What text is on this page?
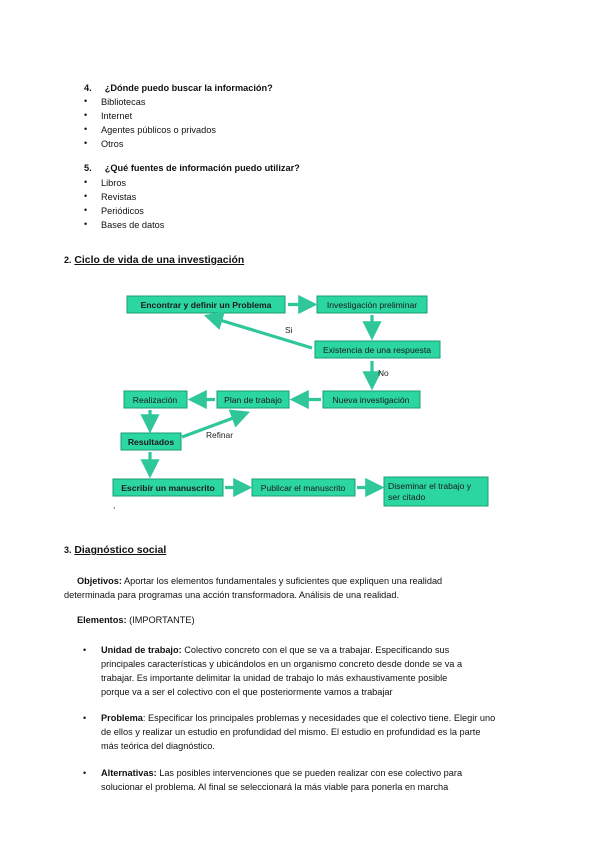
4. ¿Dónde puedo buscar la información?
• Bibliotecas
• Internet
• Agentes públicos o privados
• Otros
5. ¿Qué fuentes de información puedo utilizar?
• Libros
• Revistas
• Periódicos
• Bases de datos
2. Ciclo de vida de una investigación
Encontrar y definir un Problema	Investigación preliminar
Existencia de una respuesta
Nueva investigación
Plan de trabajo
Realización
Resultados
Escribir un manuscrito	Publicar el manuscrito	Diseminar el trabajo y
ser citado
Si
No
Refinar
,
3. Diagnóstico social
Objetivos: Aportar los elementos fundamentales y suficientes que expliquen una realidad
determinada para programas una acción transformadora. Análisis de una realidad.
Elementos: (IMPORTANTE)
• Unidad de trabajo: Colectivo concreto con el que se va a trabajar. Especificando sus
principales características y ubicándolos en un organismo concreto desde donde se va a
trabajar. Es importante delimitar la unidad de trabajo lo más exhaustivamente posible
porque va a ser el colectivo con el que posteriormente vamos a trabajar
• Problema: Especificar los principales problemas y necesidades que el colectivo tiene. Elegir uno
de ellos y realizar un estudio en profundidad del mismo. El estudio en profundidad es la parte
más teórica del diagnóstico.
• Alternativas: Las posibles intervenciones que se pueden realizar con ese colectivo para
solucionar el problema. Al final se seleccionará la más viable para ponerla en marcha
